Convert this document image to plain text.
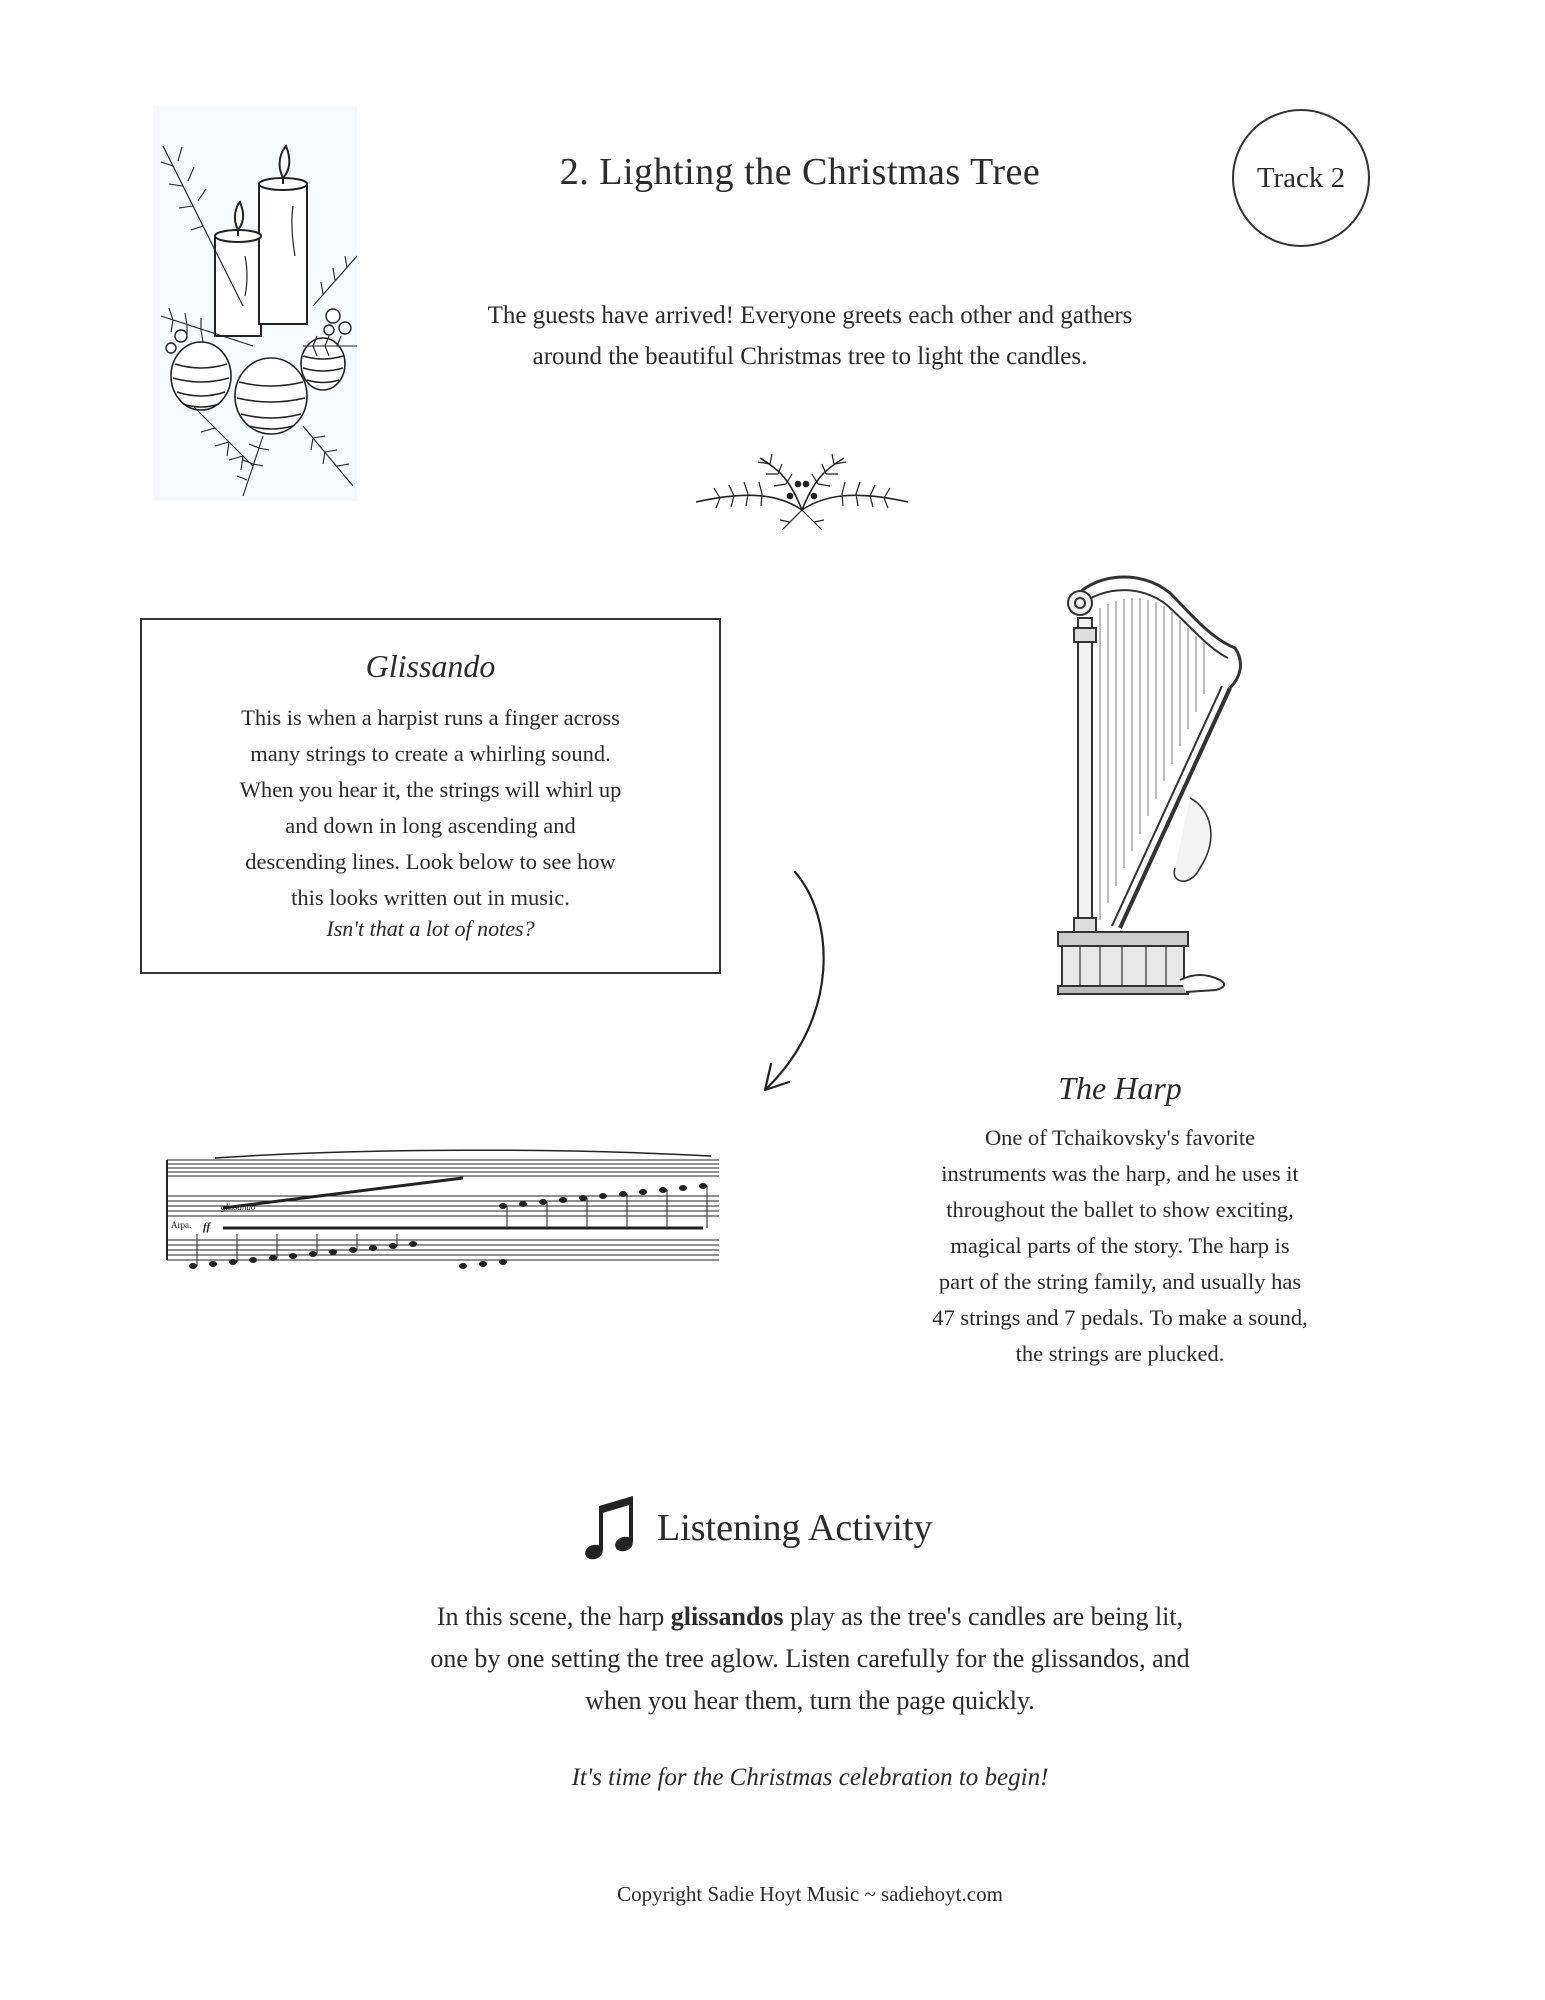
2. Lighting the Christmas Tree	Track 2
The guests have arrived! Everyone greets each other and gathers
around the beautiful Christmas tree to light the candles.
Glissando
This is when a harpist runs a finger across
many strings to create a whirling sound.
When you hear it, the strings will whirl up
and down in long ascending and
descending lines. Look below to see how
this looks written out in music.
Isn't that a lot of notes?
glissando
Arpa. ff
The Harp
One of Tchaikovsky's favorite
instruments was the harp, and he uses it
throughout the ballet to show exciting,
magical parts of the story. The harp is
part of the string family, and usually has
47 strings and 7 pedals. To make a sound,
the strings are plucked.
Listening Activity
In this scene, the harp glissandos play as the tree's candles are being lit,
one by one setting the tree aglow. Listen carefully for the glissandos, and
when you hear them, turn the page quickly.
It's time for the Christmas celebration to begin!
Copyright Sadie Hoyt Music ~ sadiehoyt.com
